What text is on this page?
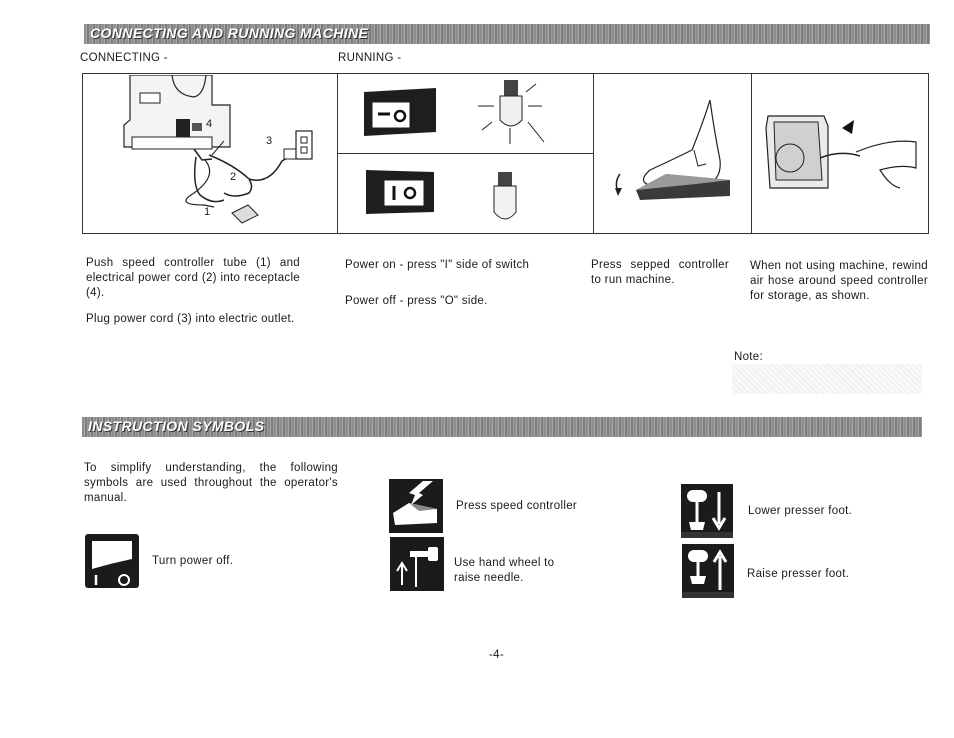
CONNECTING AND RUNNING MACHINE
CONNECTING -	RUNNING -
4
3
2
1
Push speed controller tube (1) and electrical power cord (2) into receptacle (4).
Plug power cord (3) into electric outlet.
Power on - press "I" side of switch
Power off - press "O" side.
Press sepped controller to run machine.
When not using machine, rewind air hose around speed controller for storage, as shown.
Note:
INSTRUCTION SYMBOLS
To simplify understanding, the following symbols are used throughout the operator's manual.
Turn power off.
Press speed controller
Use hand wheel to raise needle.
Lower presser foot.
Raise presser foot.
-4-
